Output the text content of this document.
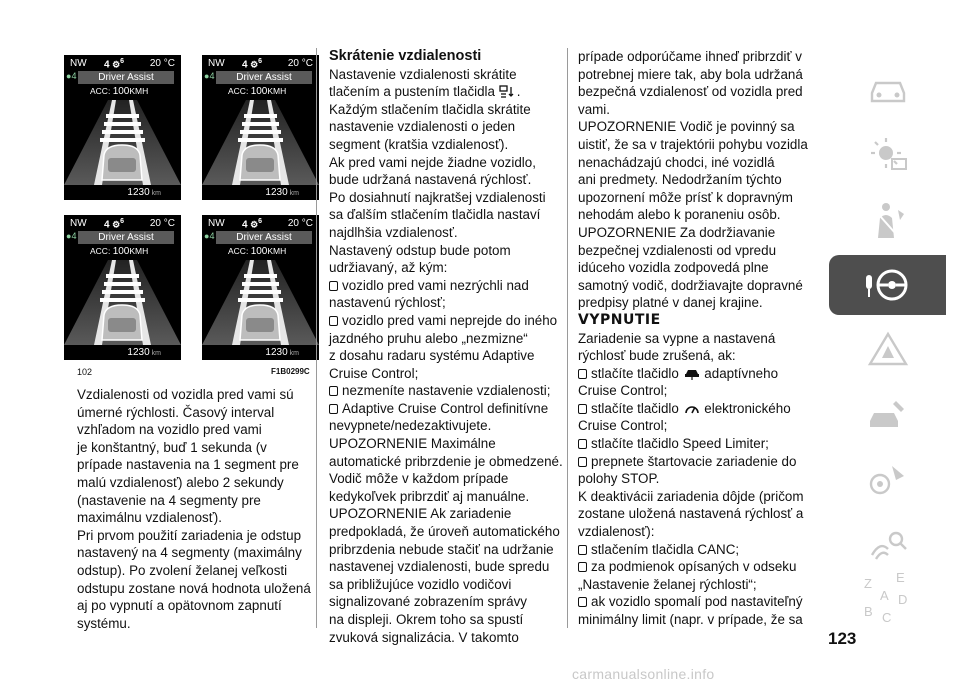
NW 4 ⚙$^6$	20 °C
●4	Driver Assist
ACC: 100KMH
1230 km
NW 4 ⚙$^6$	20 °C
●4	Driver Assist
ACC: 100KMH
1230 km
NW 4 ⚙$^6$	20 °C
●4	Driver Assist
ACC: 100KMH
1230 km
NW 4 ⚙$^6$	20 °C
●4	Driver Assist
ACC: 100KMH
1230 km
102	F1B0299C

Vzdialenosti od vozidla pred vami sú

úmerné rýchlosti. Časový interval

vzhľadom na vozidlo pred vami

je konštantný, buď 1 sekunda (v

prípade nastavenia na 1 segment pre

malú vzdialenosť) alebo 2 sekundy

(nastavenie na 4 segmenty pre

maximálnu vzdialenosť).

Pri prvom použití zariadenia je odstup

nastavený na 4 segmenty (maximálny

odstup). Po zvolení želanej veľkosti

odstupu zostane nová hodnota uložená

aj po vypnutí a opätovnom zapnutí

systému.

Skrátenie vzdialenosti

Nastavenie vzdialenosti skrátite

tlačením a pustením tlačidla .

Každým stlačením tlačidla skrátite

nastavenie vzdialenosti o jeden

segment (kratšia vzdialenosť).

Ak pred vami nejde žiadne vozidlo,

bude udržaná nastavená rýchlosť.

Po dosiahnutí najkratšej vzdialenosti

sa ďalším stlačením tlačidla nastaví

najdlhšia vzdialenosť.

Nastavený odstup bude potom

udržiavaný, až kým:

vozidlo pred vami nezrýchli nad

nastavenú rýchlosť;

vozidlo pred vami neprejde do iného

jazdného pruhu alebo „nezmizne“

z dosahu radaru systému Adaptive

Cruise Control;

nezmeníte nastavenie vzdialenosti;

Adaptive Cruise Control definitívne

nevypnete/nedezaktivujete.

UPOZORNENIE Maximálne

automatické pribrzdenie je obmedzené.

Vodič môže v každom prípade

kedykoľvek pribrzdiť aj manuálne.

UPOZORNENIE Ak zariadenie

predpokladá, že úroveň automatického

pribrzdenia nebude stačiť na udržanie

nastavenej vzdialenosti, bude spredu

sa približujúce vozidlo vodičovi

signalizované zobrazením správy

na displeji. Okrem toho sa spustí

zvuková signalizácia. V takomto

prípade odporúčame ihneď pribrzdiť v

potrebnej miere tak, aby bola udržaná

bezpečná vzdialenosť od vozidla pred

vami.

UPOZORNENIE Vodič je povinný sa

uistiť, že sa v trajektórii pohybu vozidla

nenachádzajú chodci, iné vozidlá

ani predmety. Nedodržaním týchto

upozornení môže prísť k dopravným

nehodám alebo k poraneniu osôb.

UPOZORNENIE Za dodržiavanie

bezpečnej vzdialenosti od vpredu

idúceho vozidla zodpovedá plne

samotný vodič, dodržiavajte dopravné

predpisy platné v danej krajine.

VYPNUTIE

Zariadenie sa vypne a nastavená

rýchlosť bude zrušená, ak:

stlačíte tlačidlo adaptívneho

Cruise Control;

stlačíte tlačidlo elektronického

Cruise Control;

stlačíte tlačidlo Speed Limiter;

prepnete štartovacie zariadenie do

polohy STOP.

K deaktivácii zariadenia dôjde (pričom

zostane uložená nastavená rýchlosť a

vzdialenosť):

stlačením tlačidla CANC;

za podmienok opísaných v odseku

„Nastavenie želanej rýchlosti“;

ak vozidlo spomalí pod nastaviteľný

minimálny limit (napr. v prípade, že sa

Z E
A
B
D
C
123
carmanualsonline.info
